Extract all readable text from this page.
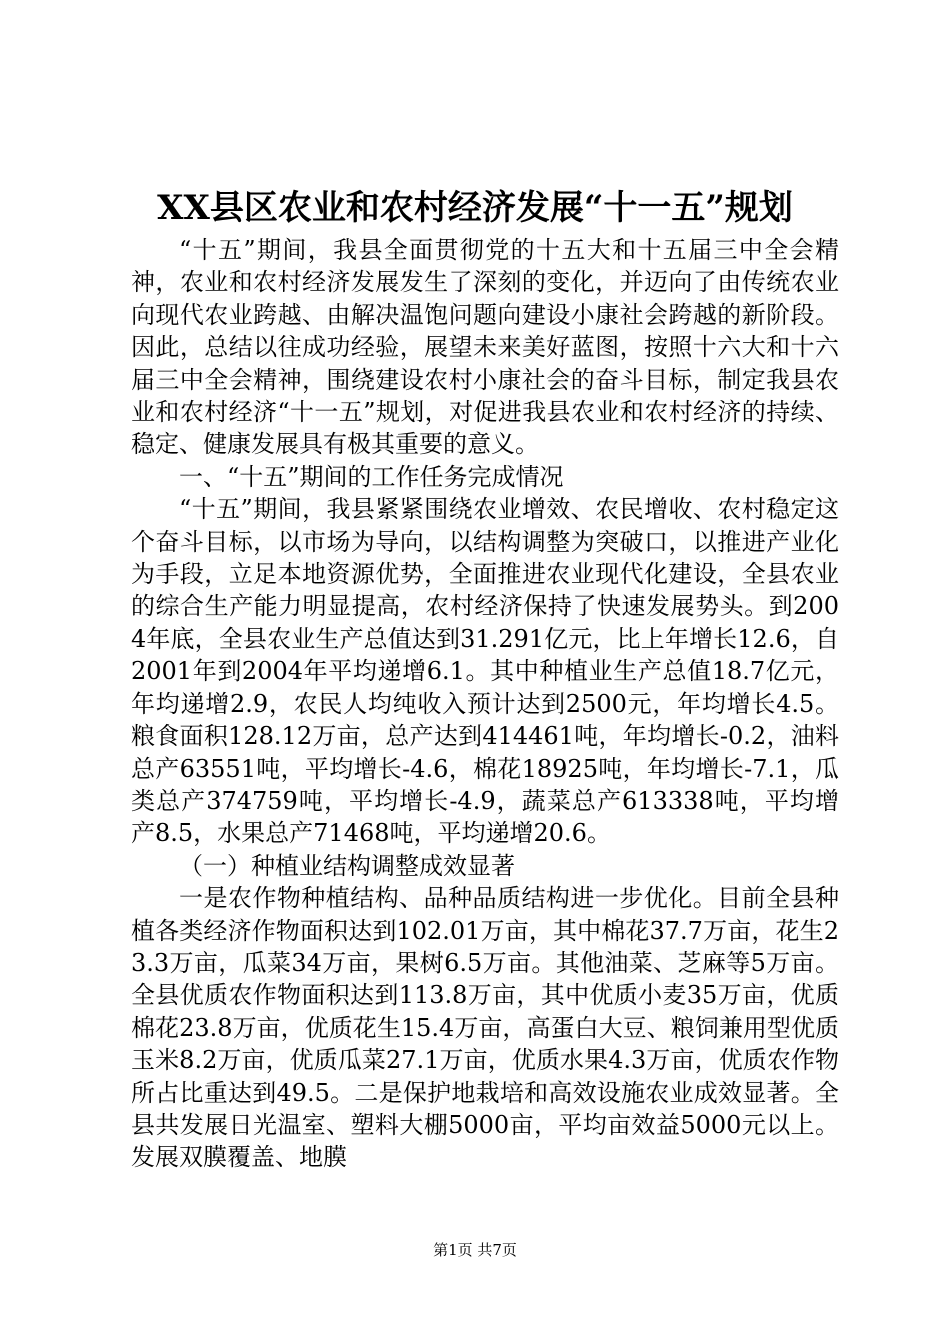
XX县区农业和农村经济发展“十一五”规划

“十五”期间，我县全面贯彻党的十五大和十五届三中全会精神，农业和农村经济发展发生了深刻的变化，并迈向了由传统农业向现代农业跨越、由解决温饱问题向建设小康社会跨越的新阶段。因此，总结以往成功经验，展望未来美好蓝图，按照十六大和十六届三中全会精神，围绕建设农村小康社会的奋斗目标，制定我县农业和农村经济“十一五”规划，对促进我县农业和农村经济的持续、稳定、健康发展具有极其重要的意义。

一、“十五”期间的工作任务完成情况

“十五”期间，我县紧紧围绕农业增效、农民增收、农村稳定这个奋斗目标，以市场为导向，以结构调整为突破口，以推进产业化为手段，立足本地资源优势，全面推进农业现代化建设，全县农业的综合生产能力明显提高，农村经济保持了快速发展势头。到2004年底，全县农业生产总值达到31.291亿元，比上年增长12.6，自2001年到2004年平均递增6.1。其中种植业生产总值18.7亿元，年均递增2.9，农民人均纯收入预计达到2500元，年均增长4.5。粮食面积128.12万亩，总产达到414461吨，年均增长-0.2，油料总产63551吨，平均增长-4.6，棉花18925吨，年均增长-7.1，瓜类总产374759吨，平均增长-4.9，蔬菜总产613338吨，平均增产8.5，水果总产71468吨，平均递增20.6。

（一）种植业结构调整成效显著

一是农作物种植结构、品种品质结构进一步优化。目前全县种植各类经济作物面积达到102.01万亩，其中棉花37.7万亩，花生23.3万亩，瓜菜34万亩，果树6.5万亩。其他油菜、芝麻等5万亩。全县优质农作物面积达到113.8万亩，其中优质小麦35万亩，优质棉花23.8万亩，优质花生15.4万亩，高蛋白大豆、粮饲兼用型优质玉米8.2万亩，优质瓜菜27.1万亩，优质水果4.3万亩，优质农作物所占比重达到49.5。二是保护地栽培和高效设施农业成效显著。全县共发展日光温室、塑料大棚5000亩，平均亩效益5000元以上。发展双膜覆盖、地膜

第1页 共7页
